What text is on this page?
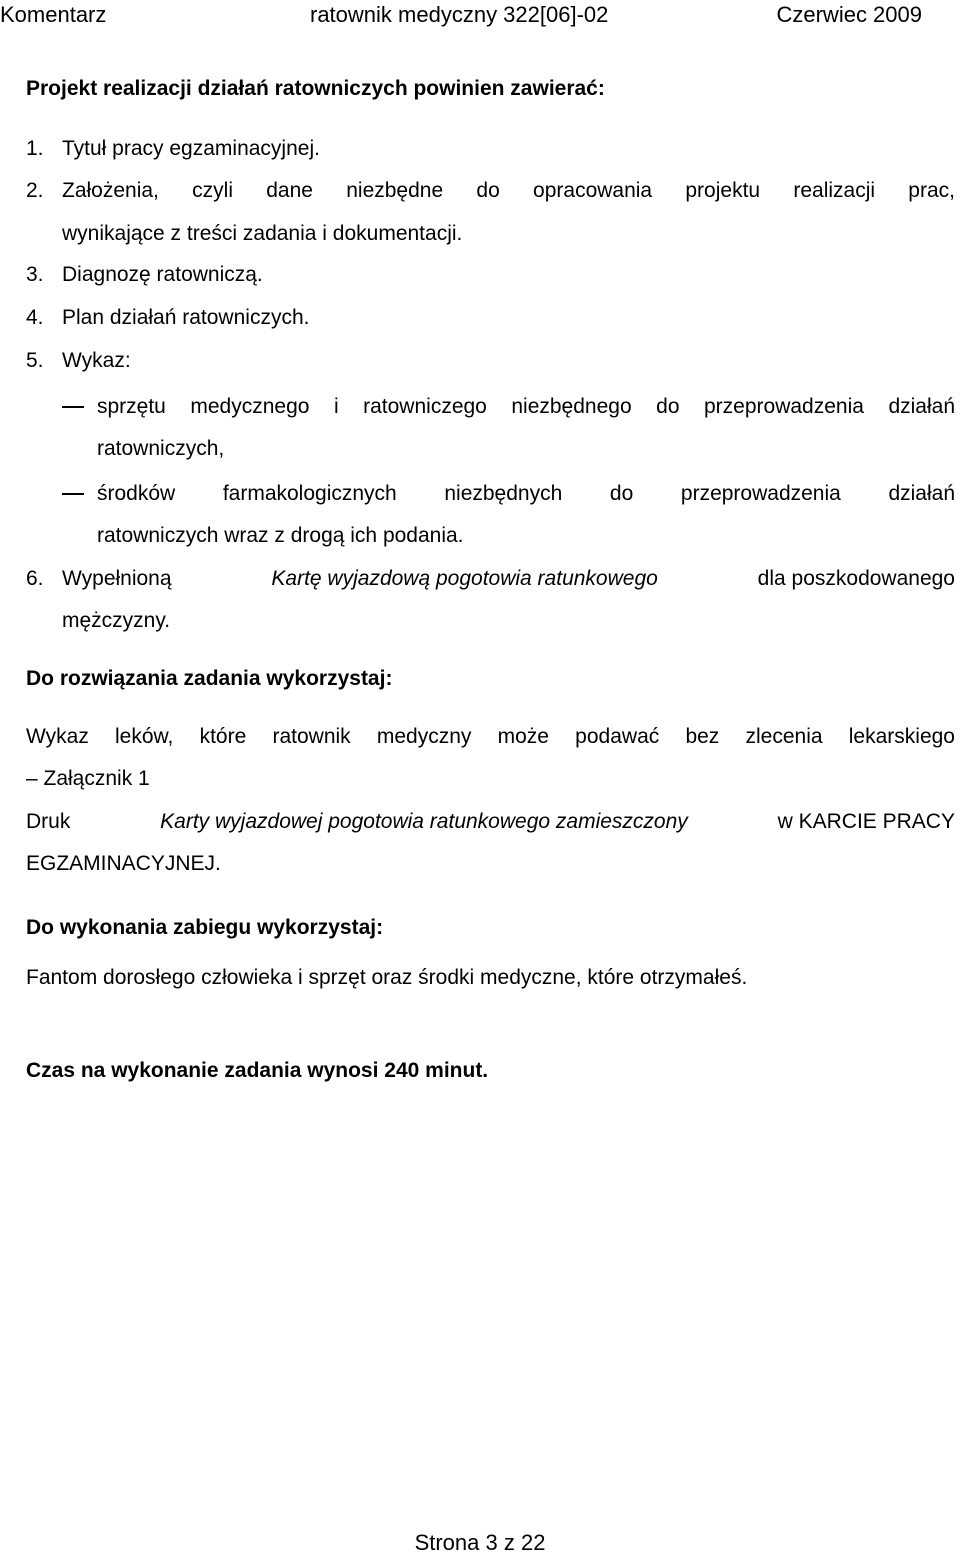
Komentarz	ratownik medyczny 322[06]-02	Czerwiec 2009
Projekt realizacji działań ratowniczych powinien zawierać:
1. Tytuł pracy egzaminacyjnej.
2. Założenia, czyli dane niezbędne do opracowania projektu realizacji prac,
wynikające z treści zadania i dokumentacji.
3. Diagnozę ratowniczą.
4. Plan działań ratowniczych.
5. Wykaz:
sprzętu medycznego i ratowniczego niezbędnego do przeprowadzenia działań
ratowniczych,
środków farmakologicznych niezbędnych do przeprowadzenia działań
ratowniczych wraz z drogą ich podania.
6. Wypełnioną	Kartę wyjazdową pogotowia ratunkowego	dla poszkodowanego
mężczyzny.
Do rozwiązania zadania wykorzystaj:
Wykaz leków, które ratownik medyczny może podawać bez zlecenia lekarskiego
– Załącznik 1
Druk	Karty wyjazdowej pogotowia ratunkowego zamieszczony	w KARCIE PRACY
EGZAMINACYJNEJ.
Do wykonania zabiegu wykorzystaj:
Fantom dorosłego człowieka i sprzęt oraz środki medyczne, które otrzymałeś.
Czas na wykonanie zadania wynosi 240 minut.
Strona 3 z 22
